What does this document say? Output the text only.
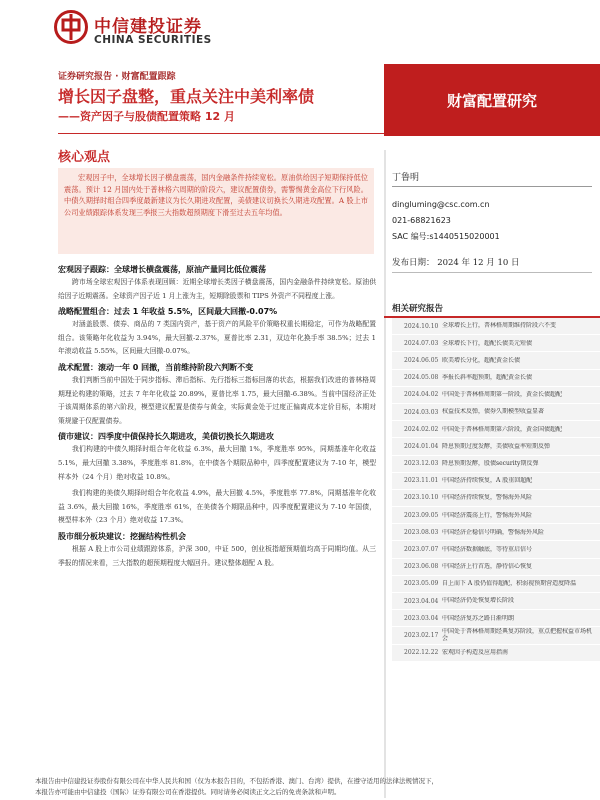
中信建投证券
CHINA SECURITIES
证券研究报告 · 财富配置跟踪
增长因子盘整，重点关注中美利率债
——资产因子与股债配置策略 12 月
财富配置研究
核心观点
宏观因子中，全球增长因子横盘震荡，国内金融条件持续宽松。原油供给因子短期保持低位震荡。预计 12 月国内处于普林格六周期的阶段六，建议配置债券，需警惕黄金高位下行风险。中债久期择时组合四季度最新建议为长久期进攻配置，美债建议切换长久期进攻配置。A 股上市公司业绩跟踪体系发现三季报三大指数超预期度下滑至过去五年均值。
宏观因子跟踪：全球增长横盘震荡，原油产量同比低位震荡
跨市场全球宏观因子体系表现回顾：近期全球增长类因子横盘震荡，国内金融条件持续宽松。原油供给因子近期震荡。全球资产因子近 1 月上涨为主，短期除股票和 TIPS 外资产不同程度上涨。
战略配置组合：过去 1 年收益 5.5%，区间最大回撤-0.07%
对涵盖股票、债券、商品的 7 类国内资产，基于资产的风险平价策略权重长期稳定，可作为战略配置组合。该策略年化收益为 3.94%，最大回撤-2.37%，夏普比率 2.31，双边年化换手率 38.5%；过去 1 年滚动收益 5.55%，区间最大回撤-0.07%。
战术配置：滚动一年 0 回撤，当前维持阶段六判断不变
我们判断当前中国处于同步指标、滞后指标、先行指标三指标回落的状态，根据我们改进的普林格周期理论构建的策略，过去 7 年年化收益 20.89%，夏普比率 1.75，最大回撤-6.38%。当前中国经济正处于该周期体系的第六阶段，模型建议配置是债券与黄金，实际黄金处于过度正偏离成本定价目标，本期对策规避于仅配置债券。
债市建议：四季度中债保持长久期进攻，美债切换长久期进攻
我们构建的中债久期择时组合年化收益 6.3%，最大回撤 1%，季度胜率 95%，同期基准年化收益 5.1%，最大回撤 3.38%，季度胜率 81.8%，在中债各个期限品种中，四季度配置建议为 7-10 年，模型样本外（24 个月）绝对收益 10.8%。
我们构建的美债久期择时组合年化收益 4.9%，最大回撤 4.5%，季度胜率 77.8%，同期基准年化收益 3.6%，最大回撤 16%，季度胜率 61%，在美债各个期限品种中，四季度配置建议为 7-10 年国债，模型样本外（23 个月）绝对收益 17.3%。
股市细分板块建议：挖掘结构性机会
根据 A 股上市公司业绩跟踪体系，沪深 300，中证 500，创业板指超预期值均高于同期均值。从三季报的情况来看，三大指数的超预期程度大幅回升。建议整体超配 A 股。
丁鲁明
dingluming@csc.com.cn
021-68821623
SAC 编号:s1440515020001
发布日期： 2024 年 12 月 10 日
相关研究报告
2024.10.10 全球增长上行，普林格周期维持阶段六不变
2024.07.03 全球增长下行，超配长债美元短债
2024.06.05 欧美增长分化，超配黄金长债
2024.05.08 季报长斜率超预期，超配黄金长债
2024.04.02 中国处于普林格周期第一阶段，黄金长债超配
2024.03.03 权益技术反弹，债券久期模型收益显著
2024.02.02 中国处于普林格周期第六阶段，黄金国债超配
2024.01.04 降息预期过度发酵，美债收益率短期反弹
2023.12.03 降息预期发酵，股债security期反弹
2023.11.01 中国经济持续恢复，A 股重回超配
2023.10.10 中国经济持续恢复，警惕海外风险
2023.09.05 中国经济震荡上行，警惕海外风险
2023.08.03 中国经济企稳信号明确，警惕海外风险
2023.07.07 中国经济数据触底，等待重启信号
2023.06.08 中国经济上行首选，静待信心恢复
2023.05.09 自上而下 A 股仍值得超配，积弱视预期营造度降温
2023.04.04 中国经济仍处恢复增长阶段
2023.03.04 中国经济复苏之路日渐明朗
2023.02.17
中国处于普林格周期经典复苏阶段，重点把握权益市场机会
2022.12.22 宏观因子构造及应用指南
本报告由中信建投证券股份有限公司在中华人民共和国（仅为本报告目的，不包括香港、澳门、台湾）提供，在遵守适用的法律法规情况下，
本报告亦可能由中信建投（国际）证券有限公司在香港提供。同时请务必阅读正文之后的免责条款和声明。
